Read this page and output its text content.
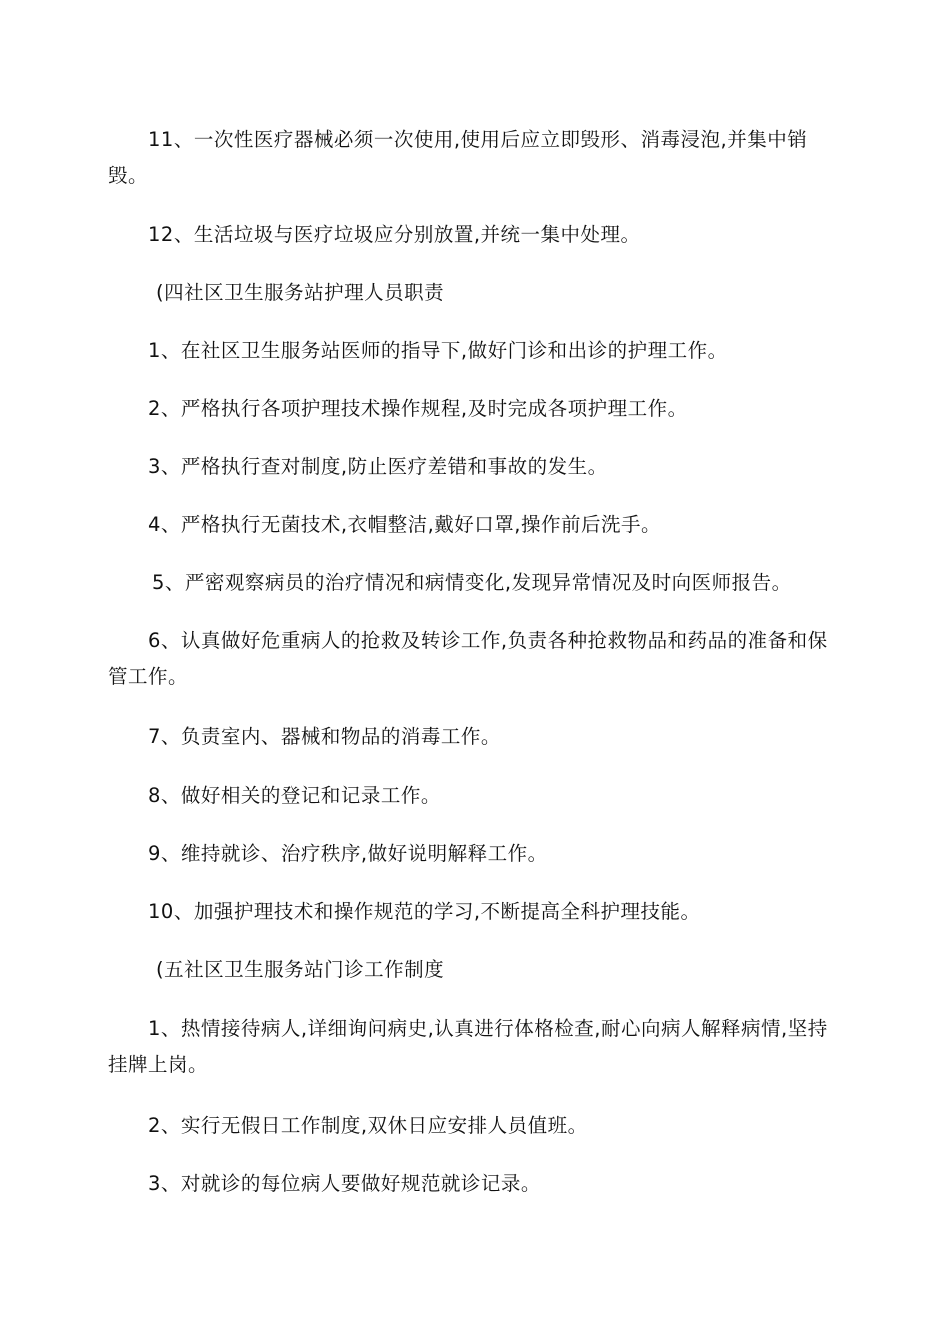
11、一次性医疗器械必须一次使用,使用后应立即毁形、消毒浸泡,并集中销毁。

12、生活垃圾与医疗垃圾应分别放置,并统一集中处理。

(四社区卫生服务站护理人员职责

1、在社区卫生服务站医师的指导下,做好门诊和出诊的护理工作。

2、严格执行各项护理技术操作规程,及时完成各项护理工作。

3、严格执行查对制度,防止医疗差错和事故的发生。

4、严格执行无菌技术,衣帽整洁,戴好口罩,操作前后洗手。

5、严密观察病员的治疗情况和病情变化,发现异常情况及时向医师报告。

6、认真做好危重病人的抢救及转诊工作,负责各种抢救物品和药品的准备和保管工作。

7、负责室内、器械和物品的消毒工作。

8、做好相关的登记和记录工作。

9、维持就诊、治疗秩序,做好说明解释工作。

10、加强护理技术和操作规范的学习,不断提高全科护理技能。

(五社区卫生服务站门诊工作制度

1、热情接待病人,详细询问病史,认真进行体格检查,耐心向病人解释病情,坚持挂牌上岗。

2、实行无假日工作制度,双休日应安排人员值班。

3、对就诊的每位病人要做好规范就诊记录。
